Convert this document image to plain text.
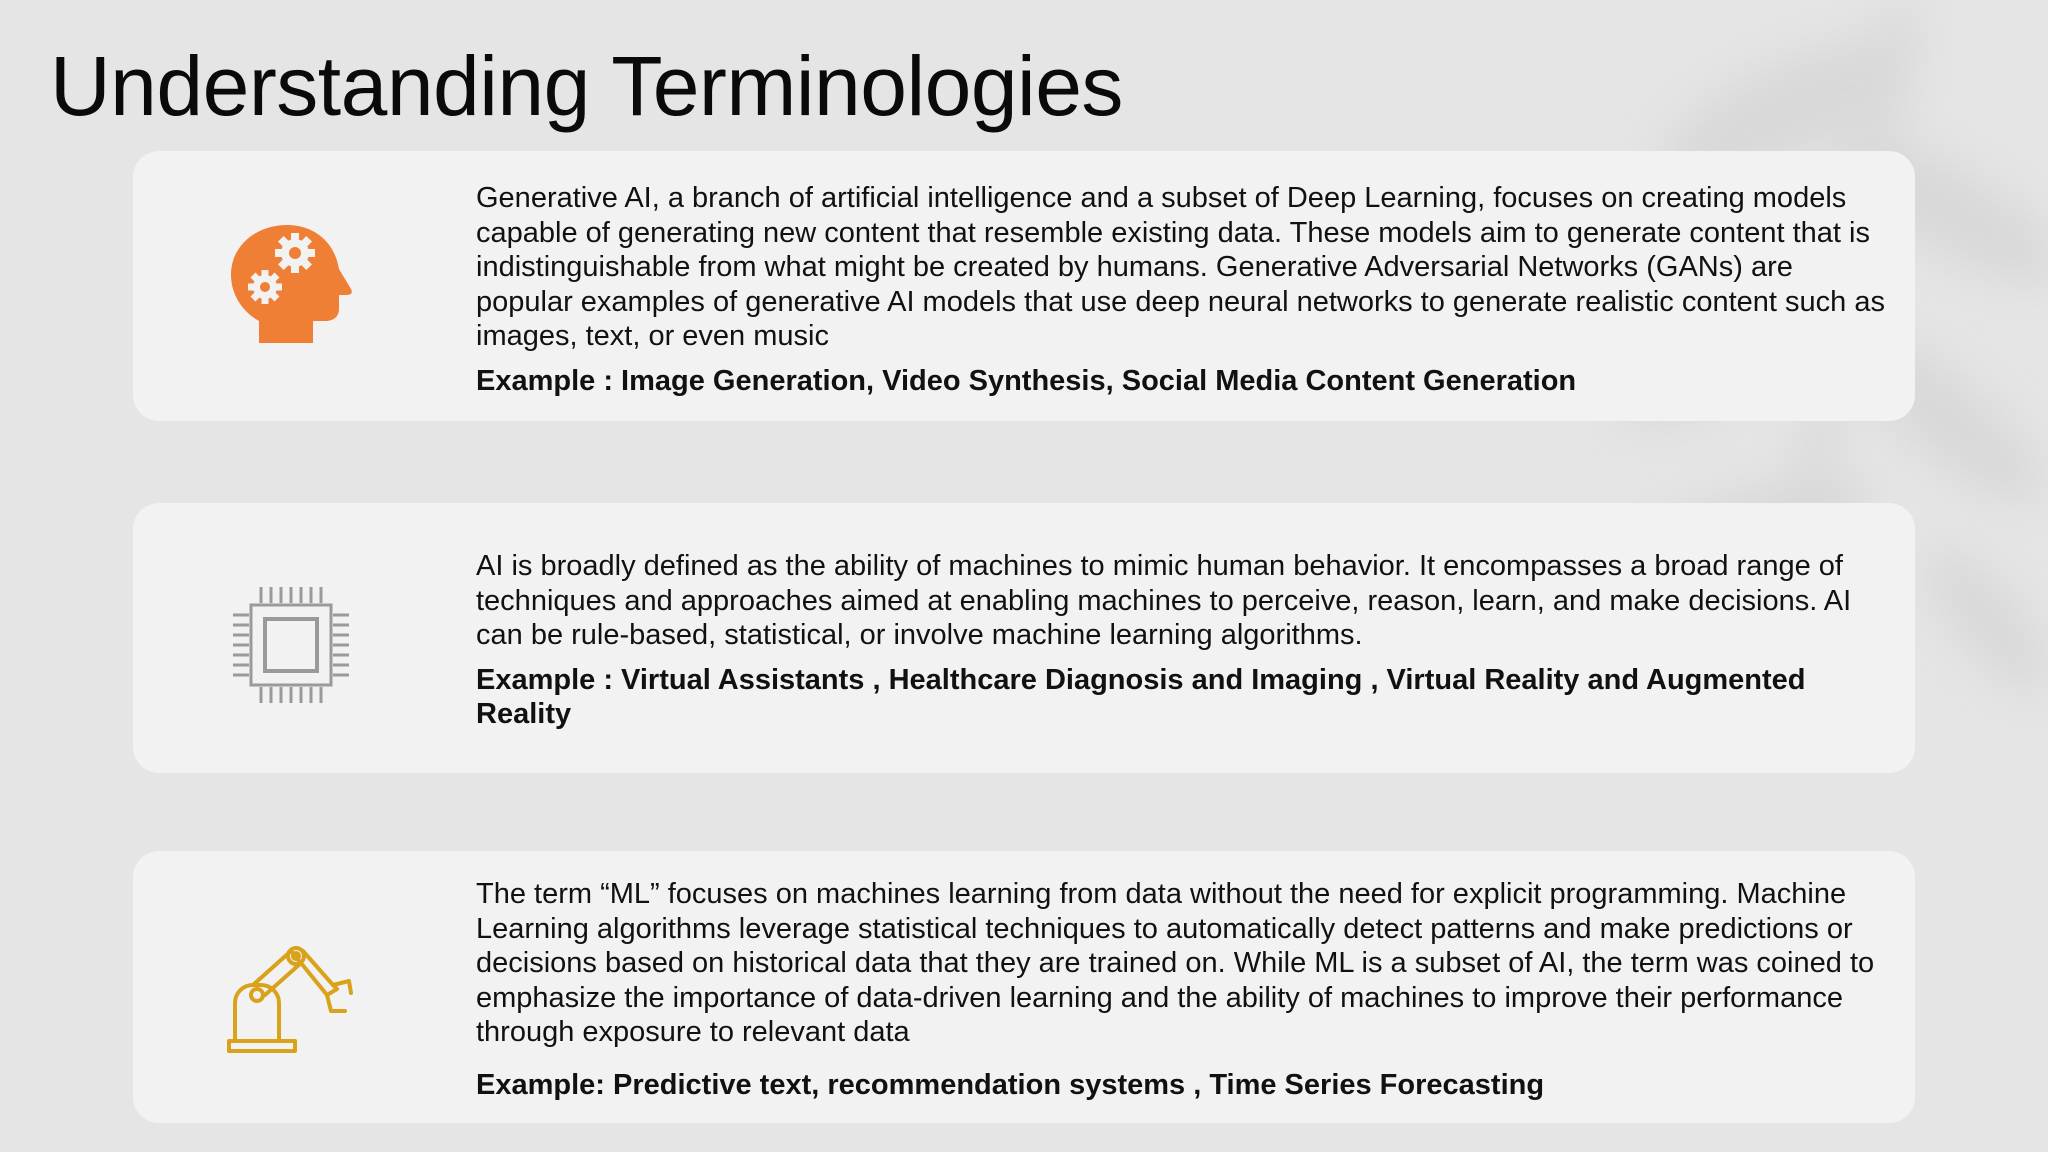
Understanding Terminologies

Generative AI, a branch of artificial intelligence and a subset of Deep Learning, focuses on creating models capable of generating new content that resemble existing data. These models aim to generate content that is indistinguishable from what might be created by humans. Generative Adversarial Networks (GANs) are popular examples of generative AI models that use deep neural networks to generate realistic content such as images, text, or even music

Example : Image Generation, Video Synthesis, Social Media Content Generation

AI is broadly defined as the ability of machines to mimic human behavior. It encompasses a broad range of techniques and approaches aimed at enabling machines to perceive, reason, learn, and make decisions. AI can be rule-based, statistical, or involve machine learning algorithms.

Example : Virtual Assistants , Healthcare Diagnosis and Imaging , Virtual Reality and Augmented Reality

The term “ML” focuses on machines learning from data without the need for explicit programming. Machine Learning algorithms leverage statistical techniques to automatically detect patterns and make predictions or decisions based on historical data that they are trained on. While ML is a subset of AI, the term was coined to emphasize the importance of data-driven learning and the ability of machines to improve their performance through exposure to relevant data

Example: Predictive text, recommendation systems , Time Series Forecasting
